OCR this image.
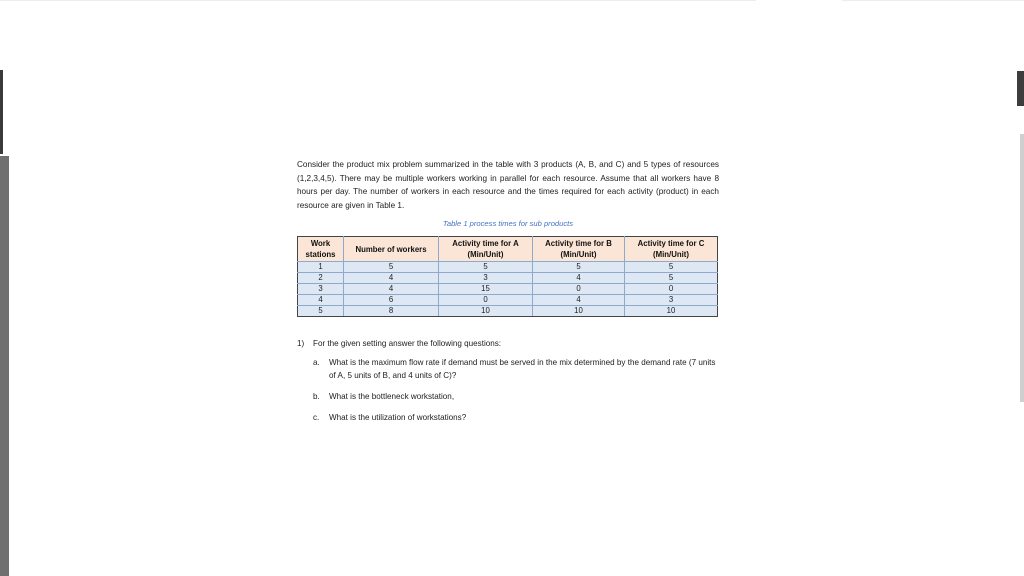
Consider the product mix problem summarized in the table with 3 products (A, B, and C) and 5 types of resources (1,2,3,4,5). There may be multiple workers working in parallel for each resource. Assume that all workers have 8 hours per day. The number of workers in each resource and the times required for each activity (product) in each resource are given in Table 1.

Table 1 process times for sub products
Work stations	Number of workers	Activity time for A (Min/Unit)	Activity time for B (Min/Unit)	Activity time for C (Min/Unit)
1	5	5	5	5
2	4	3	4	5
3	4	15	0	0
4	6	0	4	3
5	8	10	10	10
1)	For the given setting answer the following questions:
a.	What is the maximum flow rate if demand must be served in the mix determined by the demand rate (7 units of A, 5 units of B, and 4 units of C)?
b.	What is the bottleneck workstation,
c.	What is the utilization of workstations?
